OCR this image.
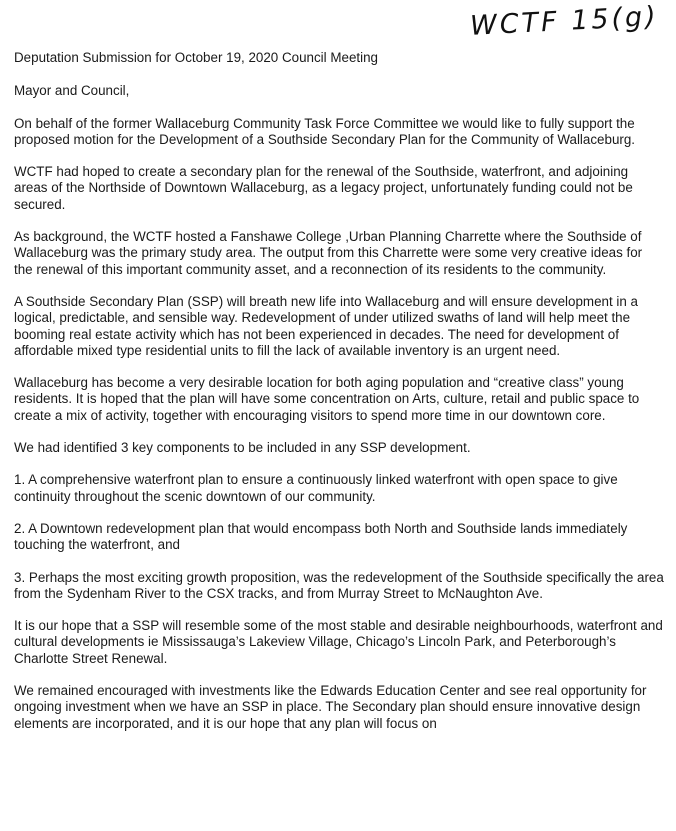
WCTF 15(g)

Deputation Submission for October 19, 2020 Council Meeting

Mayor and Council,

On behalf of the former Wallaceburg Community Task Force Committee we would like to fully support the proposed motion for the Development of a Southside Secondary Plan for the Community of Wallaceburg.

WCTF had hoped to create a secondary plan for the renewal of the Southside, waterfront, and adjoining areas of the Northside of Downtown Wallaceburg, as a legacy project, unfortunately funding could not be secured.

As background, the WCTF hosted a Fanshawe College ,Urban Planning Charrette where the Southside of Wallaceburg was the primary study area. The output from this Charrette were some very creative ideas for the renewal of this important community asset, and a reconnection of its residents to the community.

A Southside Secondary Plan (SSP) will breath new life into Wallaceburg and will ensure development in a logical, predictable, and sensible way. Redevelopment of under utilized swaths of land will help meet the booming real estate activity which has not been experienced in decades. The need for development of affordable mixed type residential units to fill the lack of available inventory is an urgent need.

Wallaceburg has become a very desirable location for both aging population and “creative class” young residents. It is hoped that the plan will have some concentration on Arts, culture, retail and public space to create a mix of activity, together with encouraging visitors to spend more time in our downtown core.

We had identified 3 key components to be included in any SSP development.

1. A comprehensive waterfront plan to ensure a continuously linked waterfront with open space to give continuity throughout the scenic downtown of our community.

2. A Downtown redevelopment plan that would encompass both North and Southside lands immediately touching the waterfront, and

3. Perhaps the most exciting growth proposition, was the redevelopment of the Southside specifically the area from the Sydenham River to the CSX tracks, and from Murray Street to McNaughton Ave.

It is our hope that a SSP will resemble some of the most stable and desirable neighbourhoods, waterfront and cultural developments ie Mississauga’s Lakeview Village, Chicago’s Lincoln Park, and Peterborough’s Charlotte Street Renewal.

We remained encouraged with investments like the Edwards Education Center and see real opportunity for ongoing investment when we have an SSP in place. The Secondary plan should ensure innovative design elements are incorporated, and it is our hope that any plan will focus on
